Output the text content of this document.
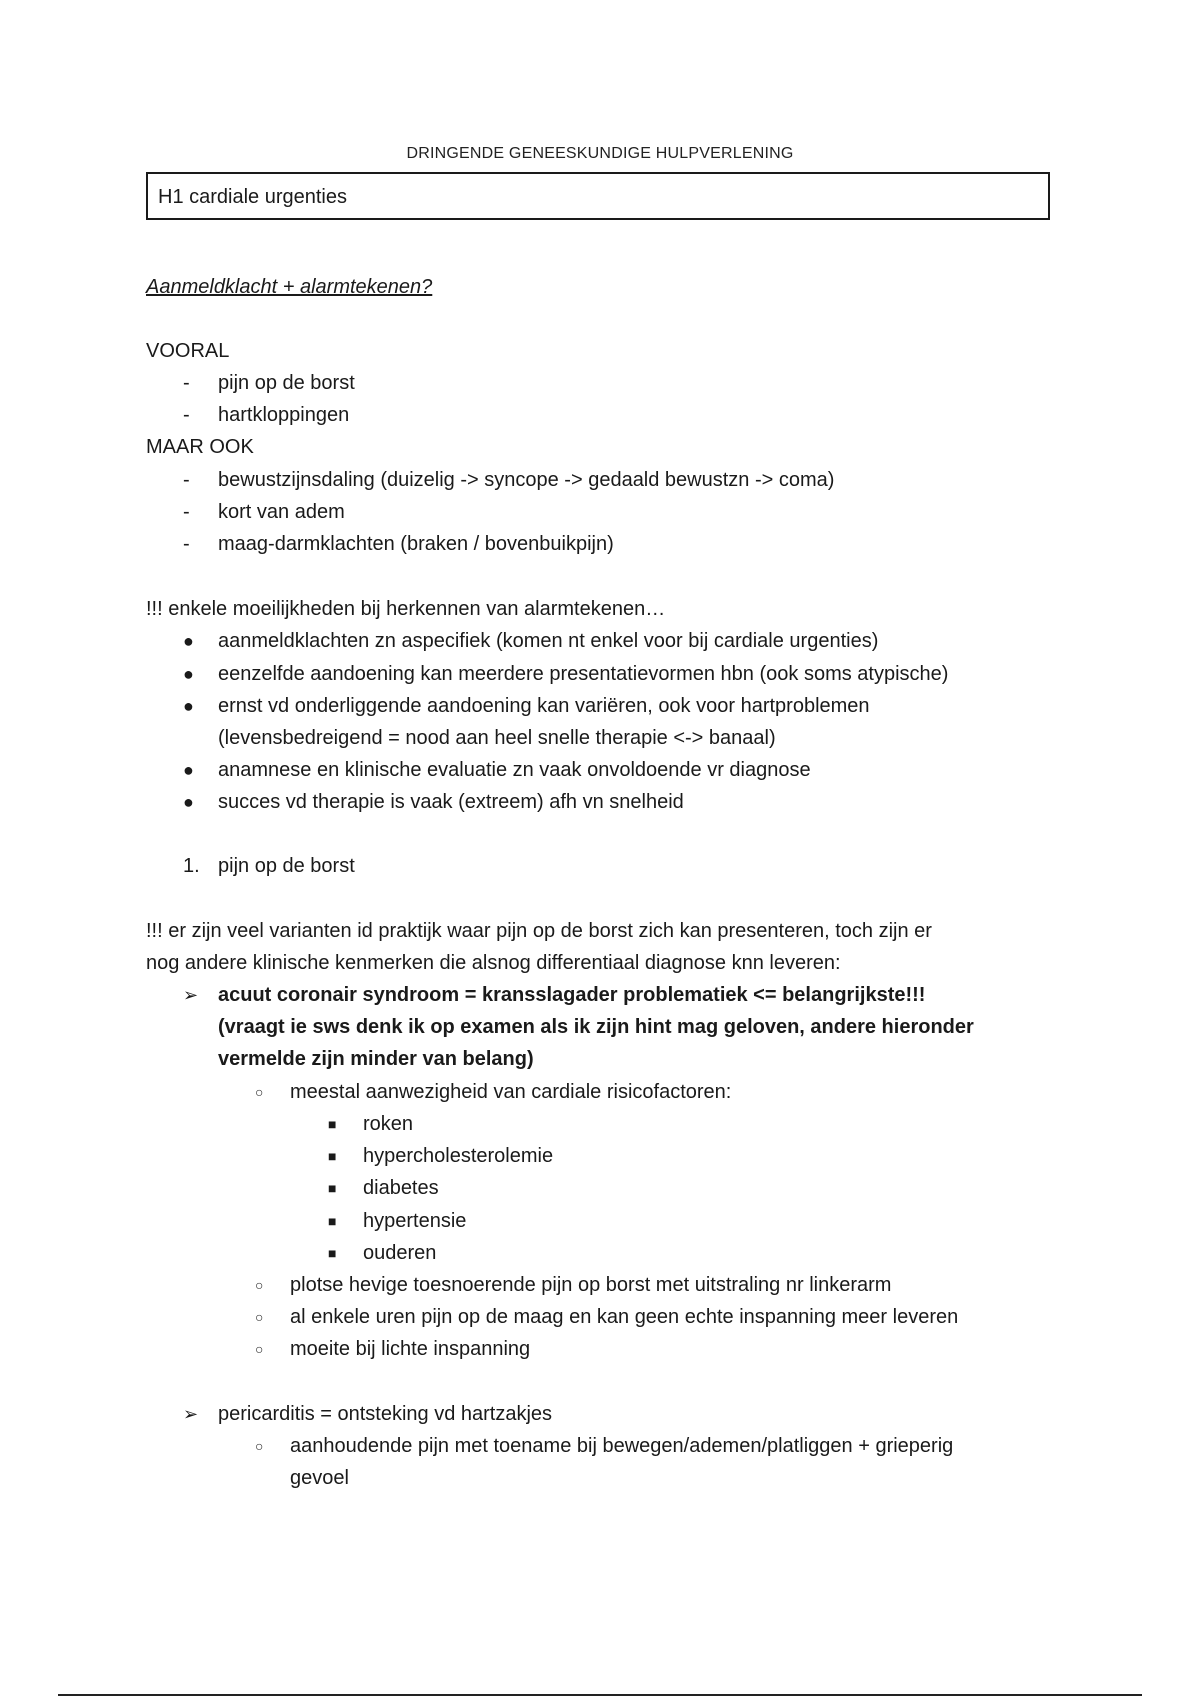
DRINGENDE GENEESKUNDIGE HULPVERLENING
H1 cardiale urgenties
Aanmeldklacht + alarmtekenen?
VOORAL
- pijn op de borst
- hartkloppingen
MAAR OOK
- bewustzijnsdaling (duizelig -> syncope -> gedaald bewustzn -> coma)
- kort van adem
- maag-darmklachten (braken / bovenbuikpijn)
!!! enkele moeilijkheden bij herkennen van alarmtekenen…
● aanmeldklachten zn aspecifiek (komen nt enkel voor bij cardiale urgenties)
● eenzelfde aandoening kan meerdere presentatievormen hbn (ook soms atypische)
● ernst vd onderliggende aandoening kan variëren, ook voor hartproblemen
(levensbedreigend = nood aan heel snelle therapie <-> banaal)
● anamnese en klinische evaluatie zn vaak onvoldoende vr diagnose
● succes vd therapie is vaak (extreem) afh vn snelheid
1. pijn op de borst
!!! er zijn veel varianten id praktijk waar pijn op de borst zich kan presenteren, toch zijn er
nog andere klinische kenmerken die alsnog differentiaal diagnose knn leveren:
➢ acuut coronair syndroom = kransslagader problematiek <= belangrijkste!!!
(vraagt ie sws denk ik op examen als ik zijn hint mag geloven, andere hieronder
vermelde zijn minder van belang)
○ meestal aanwezigheid van cardiale risicofactoren:
■ roken
■ hypercholesterolemie
■ diabetes
■ hypertensie
■ ouderen
○ plotse hevige toesnoerende pijn op borst met uitstraling nr linkerarm
○ al enkele uren pijn op de maag en kan geen echte inspanning meer leveren
○ moeite bij lichte inspanning
➢ pericarditis = ontsteking vd hartzakjes
○ aanhoudende pijn met toename bij bewegen/ademen/platliggen + grieperig
gevoel
